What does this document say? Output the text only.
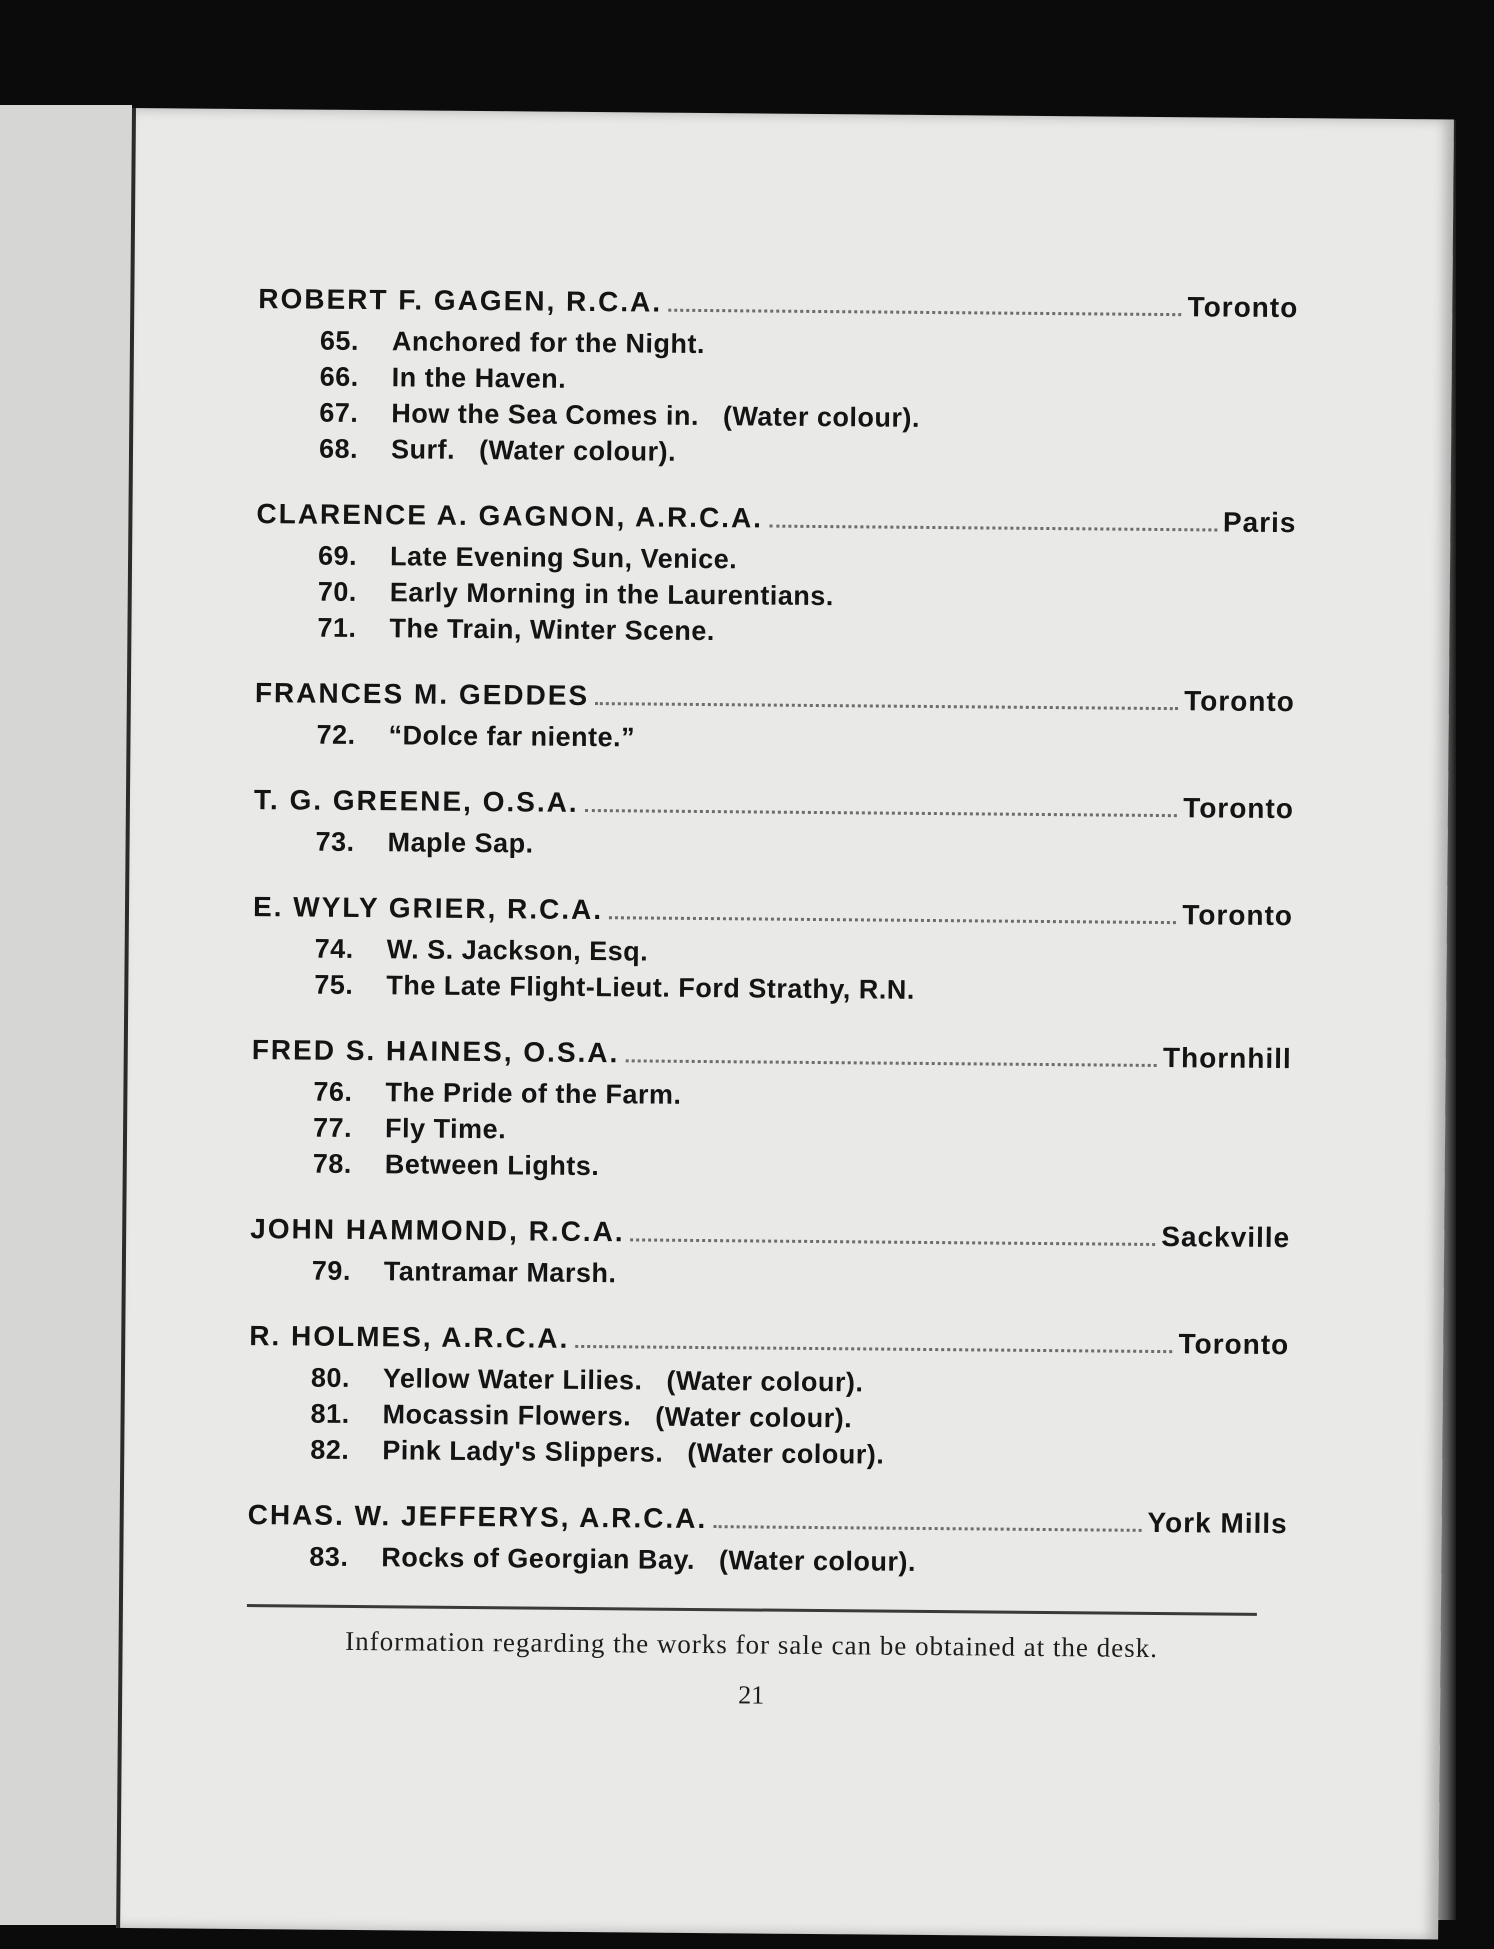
ROBERT F. GAGEN, R.C.A.	Toronto
65.	Anchored for the Night.
66.	In the Haven.
67.	How the Sea Comes in.   (Water colour).
68.	Surf.   (Water colour).
CLARENCE A. GAGNON, A.R.C.A.	Paris
69.	Late Evening Sun, Venice.
70.	Early Morning in the Laurentians.
71.	The Train, Winter Scene.
FRANCES M. GEDDES	Toronto
72.	“Dolce far niente.”
T. G. GREENE, O.S.A.	Toronto
73.	Maple Sap.
E. WYLY GRIER, R.C.A.	Toronto
74.	W. S. Jackson, Esq.
75.	The Late Flight-Lieut. Ford Strathy, R.N.
FRED S. HAINES, O.S.A.	Thornhill
76.	The Pride of the Farm.
77.	Fly Time.
78.	Between Lights.
JOHN HAMMOND, R.C.A.	Sackville
79.	Tantramar Marsh.
R. HOLMES, A.R.C.A.	Toronto
80.	Yellow Water Lilies.   (Water colour).
81.	Mocassin Flowers.   (Water colour).
82.	Pink Lady's Slippers.   (Water colour).
CHAS. W. JEFFERYS, A.R.C.A.	York Mills
83.	Rocks of Georgian Bay.   (Water colour).
Information regarding the works for sale can be obtained at the desk.
21
